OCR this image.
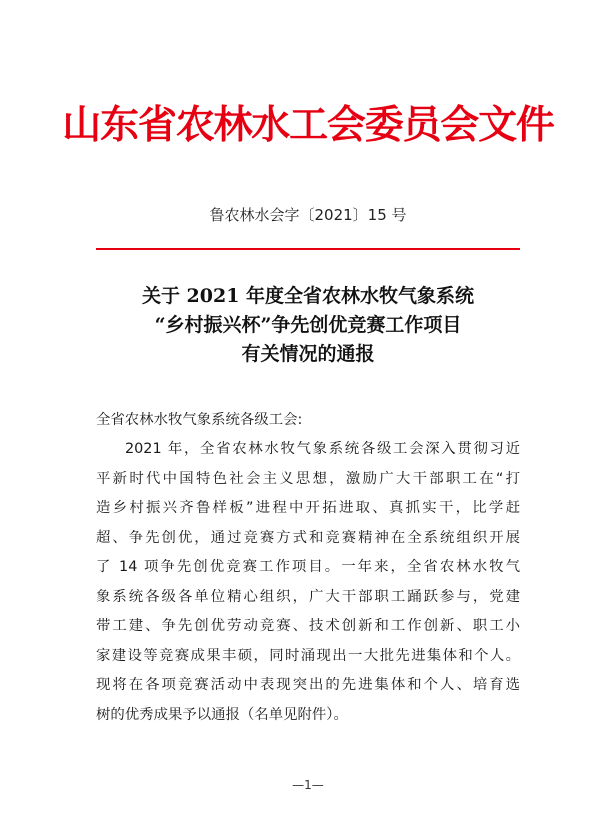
山东省农林水工会委员会文件
鲁农林水会字〔2021〕15 号
关于 2021 年度全省农林水牧气象系统
“乡村振兴杯”争先创优竞赛工作项目
有关情况的通报
全省农林水牧气象系统各级工会:
2021 年，全省农林水牧气象系统各级工会深入贯彻习近
平新时代中国特色社会主义思想，激励广大干部职工在“打
造乡村振兴齐鲁样板”进程中开拓进取、真抓实干，比学赶
超、争先创优，通过竞赛方式和竞赛精神在全系统组织开展
了 14 项争先创优竞赛工作项目。一年来，全省农林水牧气
象系统各级各单位精心组织，广大干部职工踊跃参与，党建
带工建、争先创优劳动竞赛、技术创新和工作创新、职工小
家建设等竞赛成果丰硕，同时涌现出一大批先进集体和个人。
现将在各项竞赛活动中表现突出的先进集体和个人、培育选
树的优秀成果予以通报（名单见附件）。
—1—
